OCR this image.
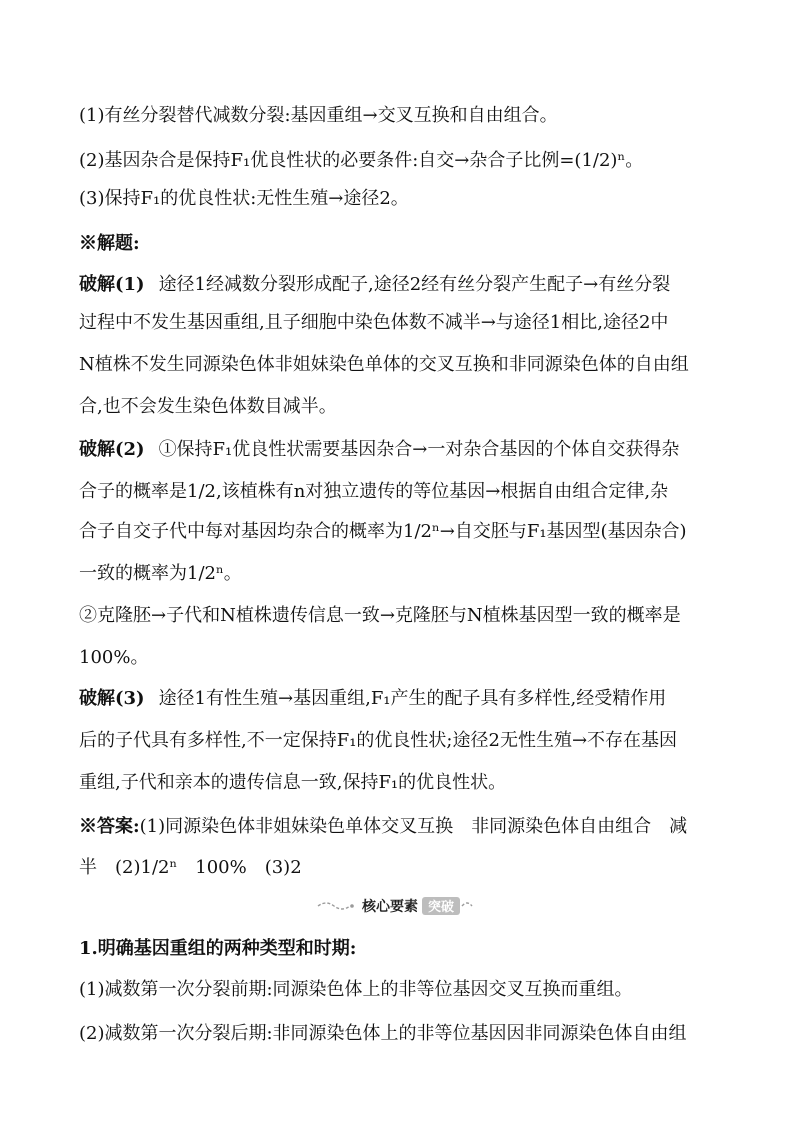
(1)有丝分裂替代减数分裂:基因重组→交叉互换和自由组合。
(2)基因杂合是保持F₁优良性状的必要条件:自交→杂合子比例=(1/2)ⁿ。
(3)保持F₁的优良性状:无性生殖→途径2。
※解题:
破解(1) 途径1经减数分裂形成配子,途径2经有丝分裂产生配子→有丝分裂
过程中不发生基因重组,且子细胞中染色体数不减半→与途径1相比,途径2中
N植株不发生同源染色体非姐妹染色单体的交叉互换和非同源染色体的自由组
合,也不会发生染色体数目减半。
破解(2) ①保持F₁优良性状需要基因杂合→一对杂合基因的个体自交获得杂
合子的概率是1/2,该植株有n对独立遗传的等位基因→根据自由组合定律,杂
合子自交子代中每对基因均杂合的概率为1/2ⁿ→自交胚与F₁基因型(基因杂合)
一致的概率为1/2ⁿ。
②克隆胚→子代和N植株遗传信息一致→克隆胚与N植株基因型一致的概率是
100%。
破解(3) 途径1有性生殖→基因重组,F₁产生的配子具有多样性,经受精作用
后的子代具有多样性,不一定保持F₁的优良性状;途径2无性生殖→不存在基因
重组,子代和亲本的遗传信息一致,保持F₁的优良性状。
※答案:(1)同源染色体非姐妹染色单体交叉互换　非同源染色体自由组合　减
半　(2)1/2ⁿ　100%　(3)2
核心要素 突破
1.明确基因重组的两种类型和时期:
(1)减数第一次分裂前期:同源染色体上的非等位基因交叉互换而重组。
(2)减数第一次分裂后期:非同源染色体上的非等位基因因非同源染色体自由组
